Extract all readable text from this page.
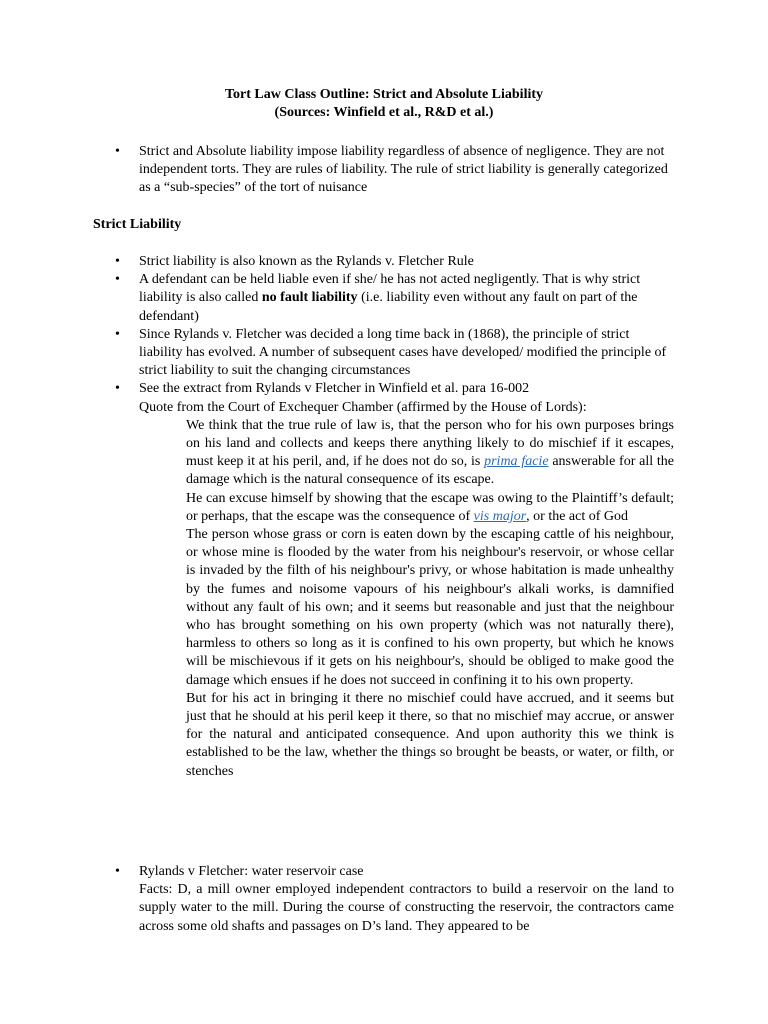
Tort Law Class Outline: Strict and Absolute Liability
(Sources: Winfield et al., R&D et al.)
• Strict and Absolute liability impose liability regardless of absence of negligence. They are not independent torts. They are rules of liability. The rule of strict liability is generally categorized as a “sub-species” of the tort of nuisance
Strict Liability
• Strict liability is also known as the Rylands v. Fletcher Rule
• A defendant can be held liable even if she/ he has not acted negligently. That is why strict liability is also called no fault liability (i.e. liability even without any fault on part of the defendant)
• Since Rylands v. Fletcher was decided a long time back in (1868), the principle of strict liability has evolved. A number of subsequent cases have developed/ modified the principle of strict liability to suit the changing circumstances
• See the extract from Rylands v Fletcher in Winfield et al. para 16-002
Quote from the Court of Exchequer Chamber (affirmed by the House of Lords):
We think that the true rule of law is, that the person who for his own purposes brings on his land and collects and keeps there anything likely to do mischief if it escapes, must keep it at his peril, and, if he does not do so, is prima facie answerable for all the damage which is the natural consequence of its escape.
He can excuse himself by showing that the escape was owing to the Plaintiff’s default; or perhaps, that the escape was the consequence of vis major, or the act of God
The person whose grass or corn is eaten down by the escaping cattle of his neighbour, or whose mine is flooded by the water from his neighbour's reservoir, or whose cellar is invaded by the filth of his neighbour's privy, or whose habitation is made unhealthy by the fumes and noisome vapours of his neighbour's alkali works, is damnified without any fault of his own; and it seems but reasonable and just that the neighbour who has brought something on his own property (which was not naturally there), harmless to others so long as it is confined to his own property, but which he knows will be mischievous if it gets on his neighbour's, should be obliged to make good the damage which ensues if he does not succeed in confining it to his own property.
But for his act in bringing it there no mischief could have accrued, and it seems but just that he should at his peril keep it there, so that no mischief may accrue, or answer for the natural and anticipated consequence. And upon authority this we think is established to be the law, whether the things so brought be beasts, or water, or filth, or stenches
• Rylands v Fletcher: water reservoir case
Facts: D, a mill owner employed independent contractors to build a reservoir on the land to supply water to the mill. During the course of constructing the reservoir, the contractors came across some old shafts and passages on D’s land. They appeared to be
